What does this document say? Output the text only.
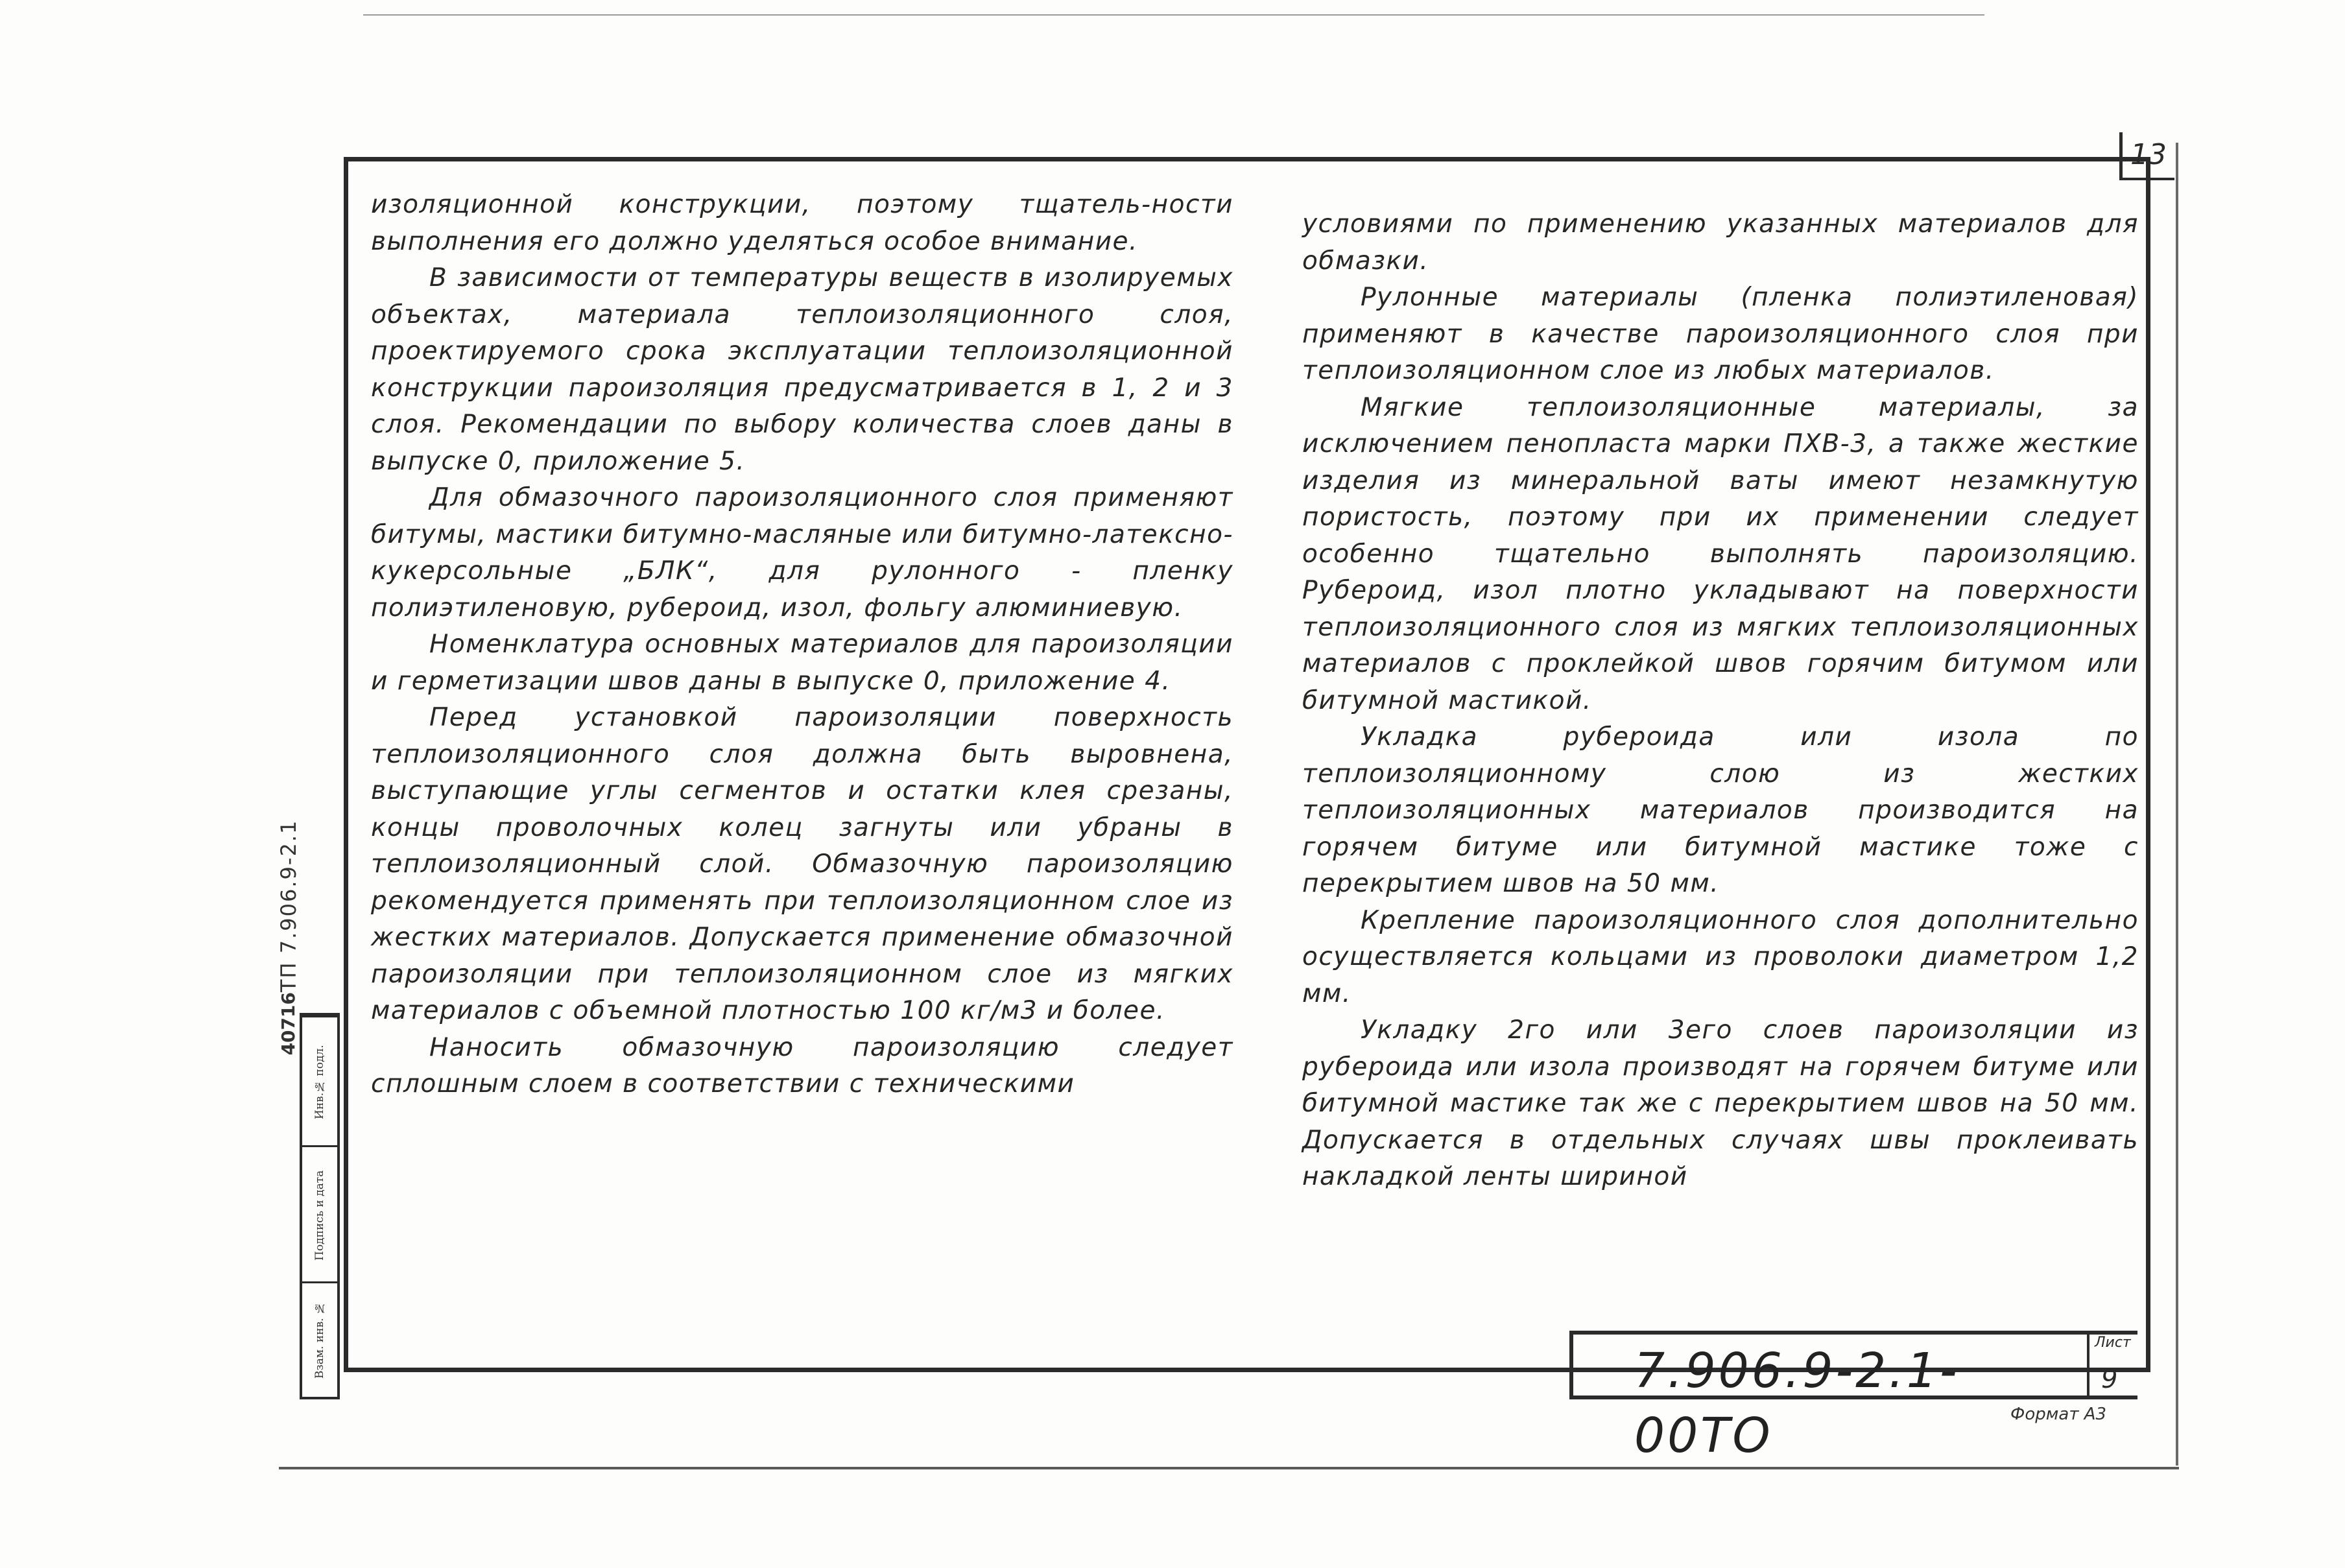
13

изоляционной конструкции, поэтому тщатель-ности выполнения его должно уделяться особое внимание.

В зависимости от температуры веществ в изолируемых объектах, материала теплоизоляционного слоя, проектируемого срока эксплуатации теплоизоляционной конструкции пароизоляция предусматривается в 1, 2 и 3 слоя. Рекомендации по выбору количества слоев даны в выпуске 0, приложение 5.

Для обмазочного пароизоляционного слоя применяют битумы, мастики битумно-масляные или битумно-латексно-кукерсольные „БЛК“, для рулонного - пленку полиэтиленовую, рубероид, изол, фольгу алюминиевую.

Номенклатура основных материалов для пароизоляции и герметизации швов даны в выпуске 0, приложение 4.

Перед установкой пароизоляции поверхность теплоизоляционного слоя должна быть выровнена, выступающие углы сегментов и остатки клея срезаны, концы проволочных колец загнуты или убраны в теплоизоляционный слой. Обмазочную пароизоляцию рекомендуется применять при теплоизоляционном слое из жестких материалов. Допускается применение обмазочной пароизоляции при теплоизоляционном слое из мягких материалов с объемной плотностью 100 кг/м3 и более.

Наносить обмазочную пароизоляцию следует сплошным слоем в соответствии с техническими

условиями по применению указанных материалов для обмазки.

Рулонные материалы (пленка полиэтиленовая) применяют в качестве пароизоляционного слоя при теплоизоляционном слое из любых материалов.

Мягкие теплоизоляционные материалы, за исключением пенопласта марки ПХВ-3, а также жесткие изделия из минеральной ваты имеют незамкнутую пористость, поэтому при их применении следует особенно тщательно выполнять пароизоляцию. Рубероид, изол плотно укладывают на поверхности теплоизоляционного слоя из мягких теплоизоляционных материалов с проклейкой швов горячим битумом или битумной мастикой.

Укладка рубероида или изола по теплоизоляционному слою из жестких теплоизоляционных материалов производится на горячем битуме или битумной мастике тоже с перекрытием швов на 50 мм.

Крепление пароизоляционного слоя дополнительно осуществляется кольцами из проволоки диаметром 1,2 мм.

Укладку 2го или 3его слоев пароизоляции из рубероида или изола производят на горячем битуме или битумной мастике так же с перекрытием швов на 50 мм. Допускается в отдельных случаях швы проклеивать накладкой ленты шириной

7.906.9-2.1-00ТО
Лист
9
Формат А3
ТП 7.906.9-2.1
40716
Инв.№ подл.
Подпись и дата
Взам. инв. №
